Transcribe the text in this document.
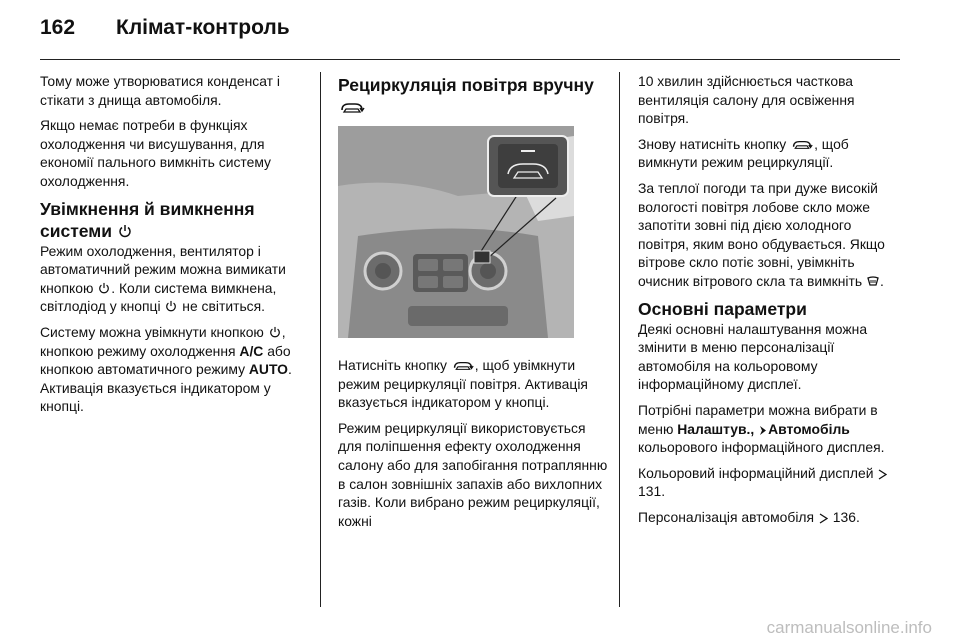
162	Клімат-контроль

Тому може утворюватися конденсат і стікати з днища автомобіля.

Якщо немає потреби в функціях охолодження чи висушування, для економії пального вимкніть систему охолодження.

Увімкнення й вимкнення системи

Режим охолодження, вентилятор і автоматичний режим можна вимикати кнопкою . Коли система вимкнена, світлодіод у кнопці  не світиться.

Систему можна увімкнути кнопкою , кнопкою режиму охолодження A/C або кнопкою автоматичного режиму AUTO. Активація вказується індикатором у кнопці.

Рециркуляція повітря вручну

Натисніть кнопку , щоб увімкнути режим рециркуляції повітря. Активація вказується індикатором у кнопці.

Режим рециркуляції використовується для поліпшення ефекту охолодження салону або для запобігання потраплянню в салон зовнішніх запахів або вихлопних газів. Коли вибрано режим рециркуляції, кожні

10 хвилин здійснюється часткова вентиляція салону для освіження повітря.

Знову натисніть кнопку , щоб вимкнути режим рециркуляції.

За теплої погоди та при дуже високій вологості повітря лобове скло може запотіти зовні під дією холодного повітря, яким воно обдувається. Якщо вітрове скло потіє зовні, увімкніть очисник вітрового скла та вимкніть .

Основні параметри

Деякі основні налаштування можна змінити в меню персоналізації автомобіля на кольоровому інформаційному дисплеї.

Потрібні параметри можна вибрати в меню Налаштув., Автомобіль кольорового інформаційного дисплея.

Кольоровий інформаційний дисплей  131.

Персоналізація автомобіля 136.

carmanualsonline.info
